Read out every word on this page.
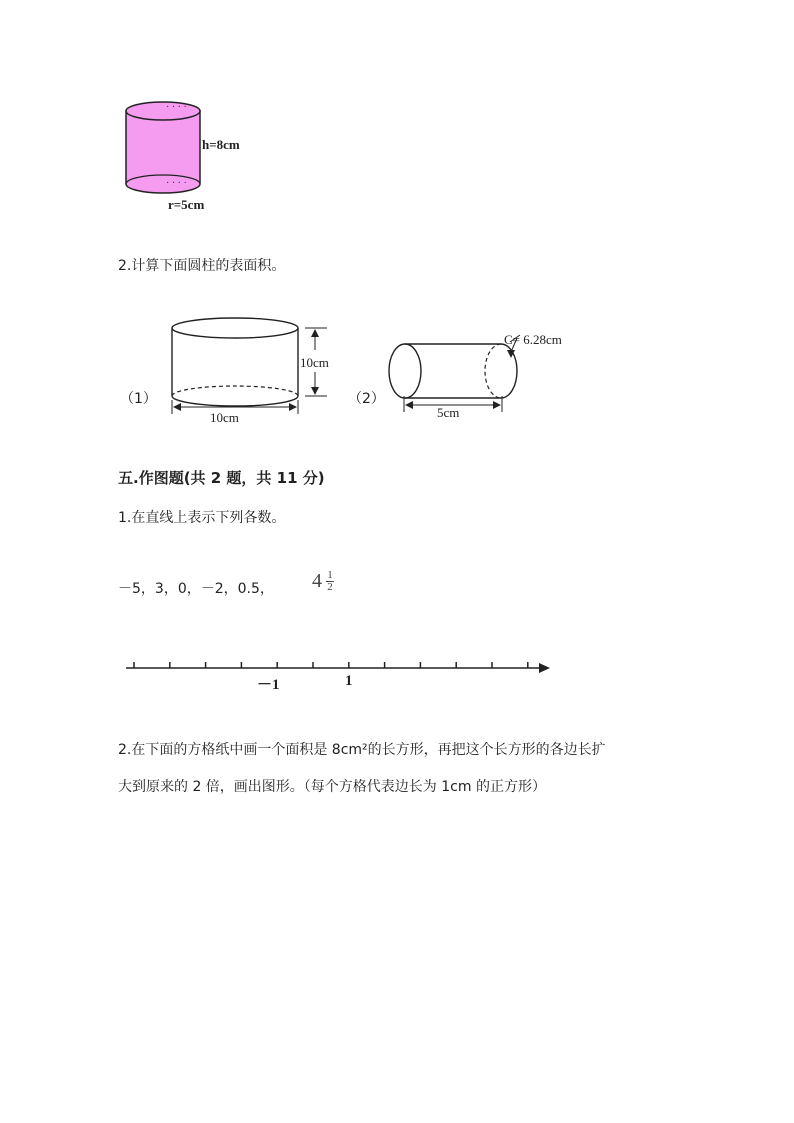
· · · ·
· · · ·
h=8cm
r=5cm
2.计算下面圆柱的表面积。
（1）
10cm
10cm
（2）
C= 6.28cm
5cm
五.作图题(共 2 题，共 11 分)
1.在直线上表示下列各数。
－5，3，0，－2，0.5， $4 \frac{1}{2}$
－1	1
2.在下面的方格纸中画一个面积是 8cm²的长方形，再把这个长方形的各边长扩
大到原来的 2 倍，画出图形。（每个方格代表边长为 1cm 的正方形）
